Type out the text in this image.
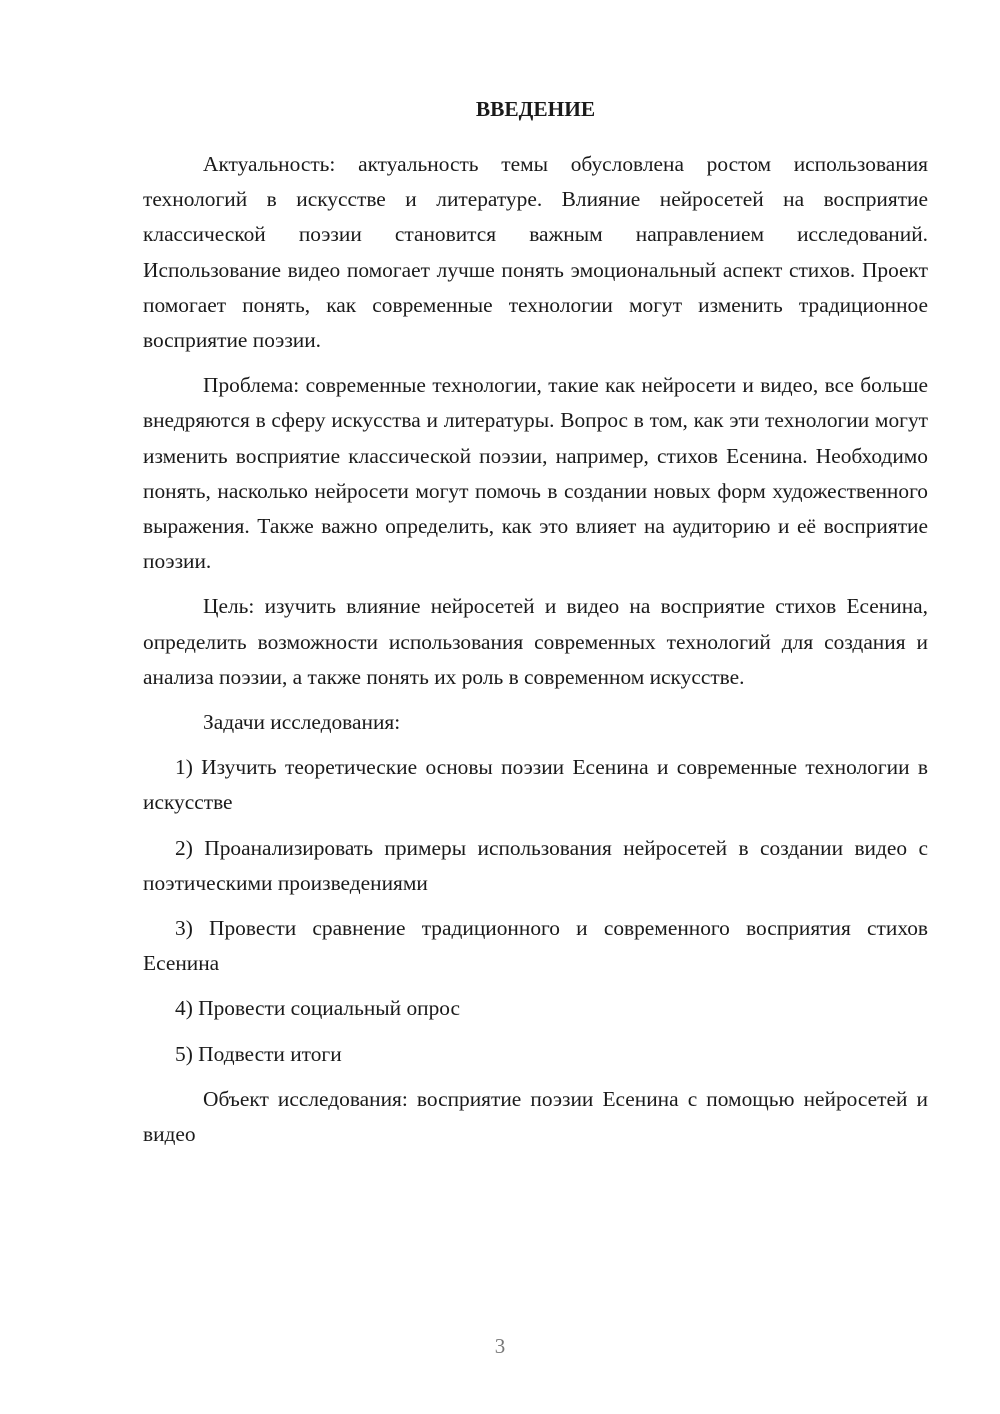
ВВЕДЕНИЕ

Актуальность: актуальность темы обусловлена ростом использования технологий в искусстве и литературе. Влияние нейросетей на восприятие классической поэзии становится важным направлением исследований. Использование видео помогает лучше понять эмоциональный аспект стихов. Проект помогает понять, как современные технологии могут изменить традиционное восприятие поэзии.

Проблема: современные технологии, такие как нейросети и видео, все больше внедряются в сферу искусства и литературы. Вопрос в том, как эти технологии могут изменить восприятие классической поэзии, например, стихов Есенина. Необходимо понять, насколько нейросети могут помочь в создании новых форм художественного выражения. Также важно определить, как это влияет на аудиторию и её восприятие поэзии.

Цель: изучить влияние нейросетей и видео на восприятие стихов Есенина, определить возможности использования современных технологий для создания и анализа поэзии, а также понять их роль в современном искусстве.

Задачи исследования:

1) Изучить теоретические основы поэзии Есенина и современные технологии в искусстве

2) Проанализировать примеры использования нейросетей в создании видео с поэтическими произведениями

3) Провести сравнение традиционного и современного восприятия стихов Есенина

4) Провести социальный опрос

5) Подвести итоги

Объект исследования: восприятие поэзии Есенина с помощью нейросетей и видео

3
